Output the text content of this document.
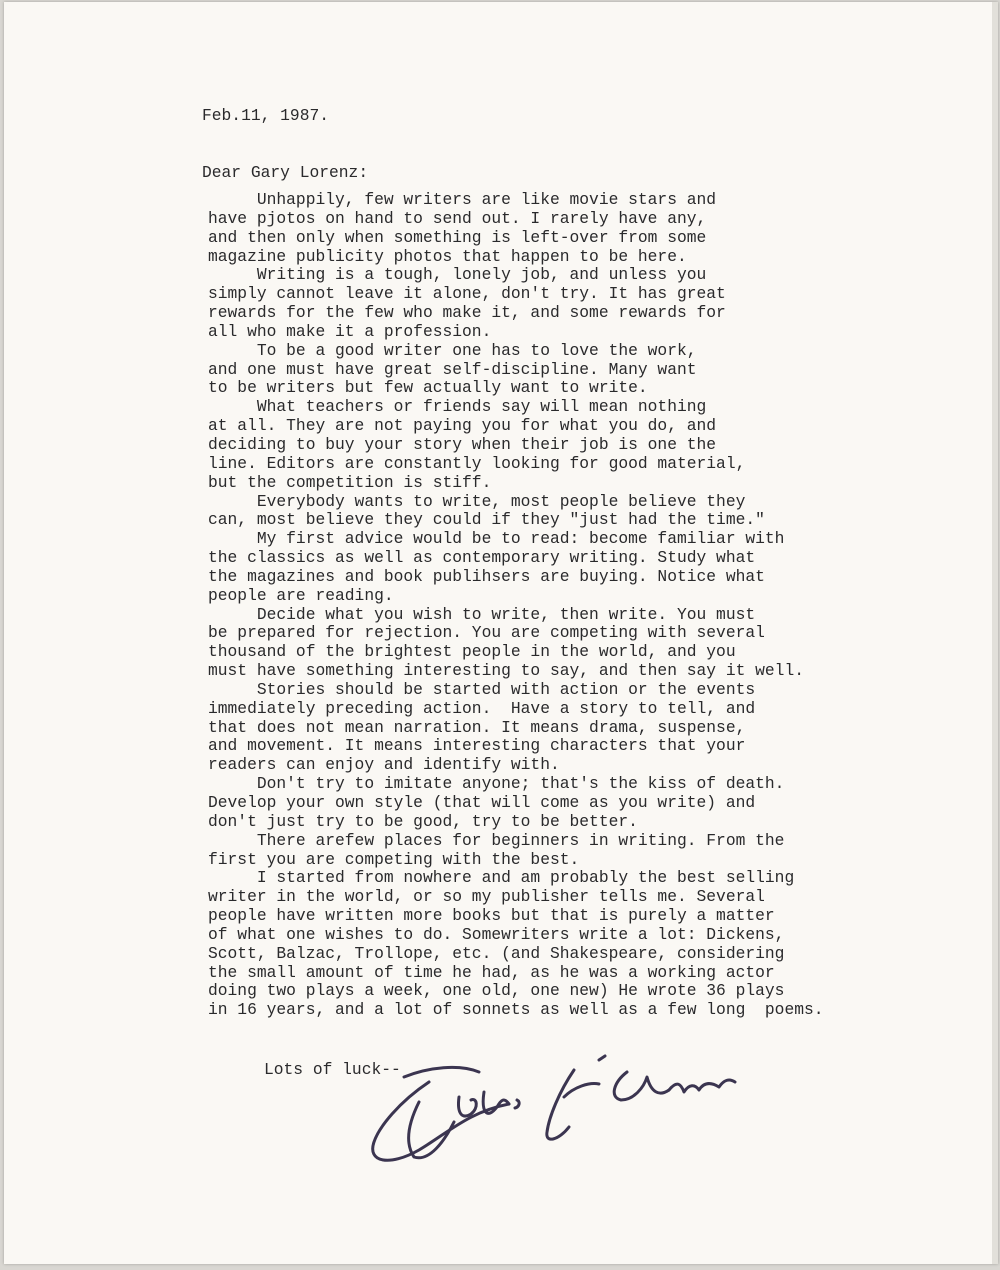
Feb.11, 1987.

Dear Gary Lorenz:

Unhappily, few writers are like movie stars and
have pjotos on hand to send out. I rarely have any,
and then only when something is left-over from some
magazine publicity photos that happen to be here.
Writing is a tough, lonely job, and unless you
simply cannot leave it alone, don't try. It has great
rewards for the few who make it, and some rewards for
all who make it a profession.
To be a good writer one has to love the work,
and one must have great self-discipline. Many want
to be writers but few actually want to write.
What teachers or friends say will mean nothing
at all. They are not paying you for what you do, and
deciding to buy your story when their job is one the
line. Editors are constantly looking for good material,
but the competition is stiff.
Everybody wants to write, most people believe they
can, most believe they could if they "just had the time."
My first advice would be to read: become familiar with
the classics as well as contemporary writing. Study what
the magazines and book publihsers are buying. Notice what
people are reading.
Decide what you wish to write, then write. You must
be prepared for rejection. You are competing with several
thousand of the brightest people in the world, and you
must have something interesting to say, and then say it well.
Stories should be started with action or the events
immediately preceding action.  Have a story to tell, and
that does not mean narration. It means drama, suspense,
and movement. It means interesting characters that your
readers can enjoy and identify with.
Don't try to imitate anyone; that's the kiss of death.
Develop your own style (that will come as you write) and
don't just try to be good, try to be better.
There arefew places for beginners in writing. From the
first you are competing with the best.
I started from nowhere and am probably the best selling
writer in the world, or so my publisher tells me. Several
people have written more books but that is purely a matter
of what one wishes to do. Somewriters write a lot: Dickens,
Scott, Balzac, Trollope, etc. (and Shakespeare, considering
the small amount of time he had, as he was a working actor
doing two plays a week, one old, one new) He wrote 36 plays
in 16 years, and a lot of sonnets as well as a few long  poems.

Lots of luck--
